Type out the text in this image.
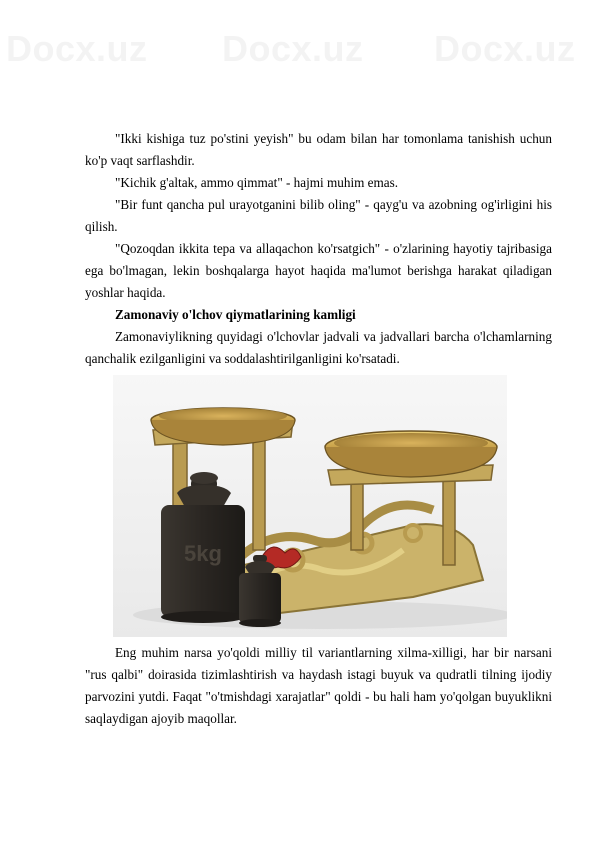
Docx.uz Docx.uz Docx.uz

"Ikki kishiga tuz po'stini yeyish" bu odam bilan har tomonlama tanishish uchun ko'p vaqt sarflashdir.

"Kichik g'altak, ammo qimmat" - hajmi muhim emas.

"Bir funt qancha pul urayotganini bilib oling" - qayg'u va azobning og'irligini his qilish.

"Qozoqdan ikkita tepa va allaqachon ko'rsatgich" - o'zlarining hayotiy tajribasiga ega bo'lmagan, lekin boshqalarga hayot haqida ma'lumot berishga harakat qiladigan yoshlar haqida.

Zamonaviy o'lchov qiymatlarining kamligi

Zamonaviylikning quyidagi o'lchovlar jadvali va jadvallari barcha o'lchamlarning qanchalik ezilganligini va soddalashtirilganligini ko'rsatadi.

5kg

Eng muhim narsa yo'qoldi milliy til variantlarning xilma-xilligi, har bir narsani "rus qalbi" doirasida tizimlashtirish va haydash istagi buyuk va qudratli tilning ijodiy parvozini yutdi. Faqat "o'tmishdagi xarajatlar" qoldi - bu hali ham yo'qolgan buyuklikni saqlaydigan ajoyib maqollar.
